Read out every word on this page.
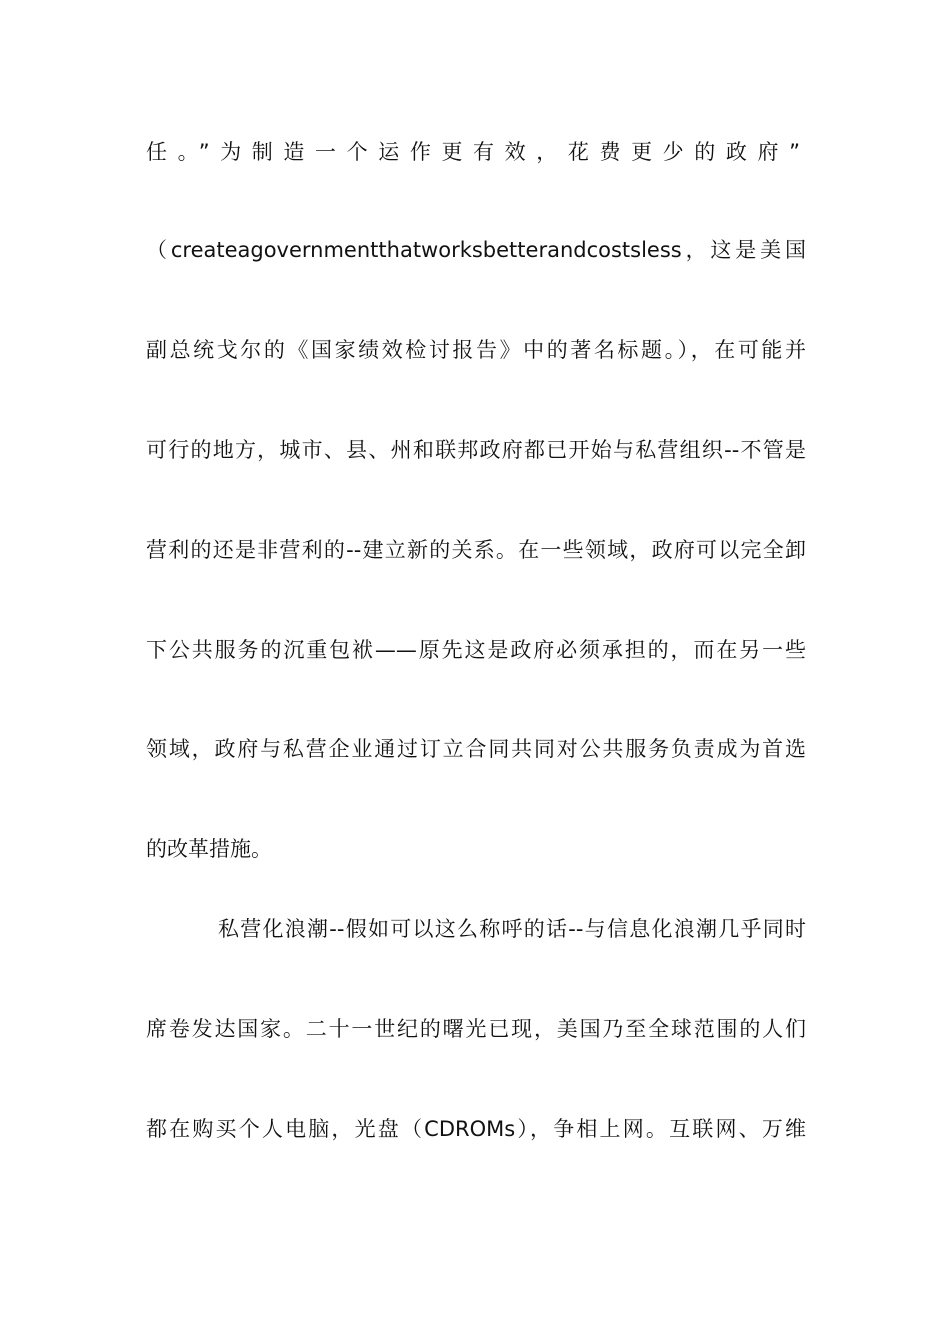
任。”为制造一个运作更有效，花费更少的政府”
（createagovernmentthatworksbetterandcostsless，这是美国
副总统戈尔的《国家绩效检讨报告》中的著名标题。），在可能并
可行的地方，城市、县、州和联邦政府都已开始与私营组织--不管是
营利的还是非营利的--建立新的关系。在一些领域，政府可以完全卸
下公共服务的沉重包袱——原先这是政府必须承担的，而在另一些
领域，政府与私营企业通过订立合同共同对公共服务负责成为首选
的改革措施。
私营化浪潮--假如可以这么称呼的话--与信息化浪潮几乎同时
席卷发达国家。二十一世纪的曙光已现，美国乃至全球范围的人们
都在购买个人电脑，光盘（CDROMs），争相上网。互联网、万维
